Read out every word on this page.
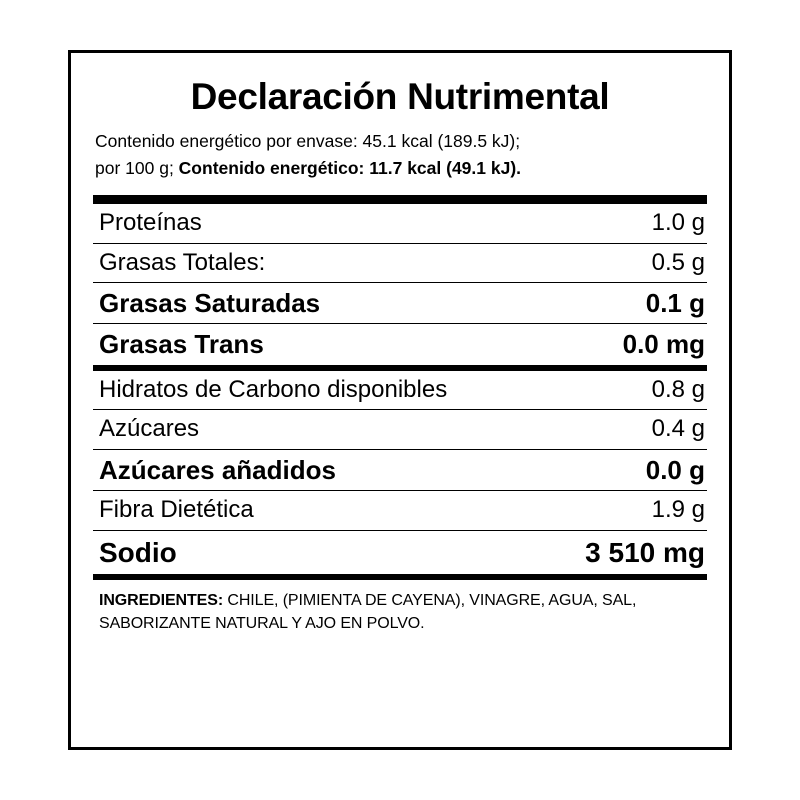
Declaración Nutrimental
Contenido energético por envase: 45.1 kcal (189.5 kJ);
por 100 g; Contenido energético: 11.7 kcal (49.1 kJ).
Proteínas	1.0 g
Grasas Totales:	0.5 g
Grasas Saturadas	0.1 g
Grasas Trans	0.0 mg
Hidratos de Carbono disponibles	0.8 g
Azúcares	0.4 g
Azúcares añadidos	0.0 g
Fibra Dietética	1.9 g
Sodio	3 510 mg
INGREDIENTES: CHILE, (PIMIENTA DE CAYENA), VINAGRE, AGUA, SAL,
SABORIZANTE NATURAL Y AJO EN POLVO.
